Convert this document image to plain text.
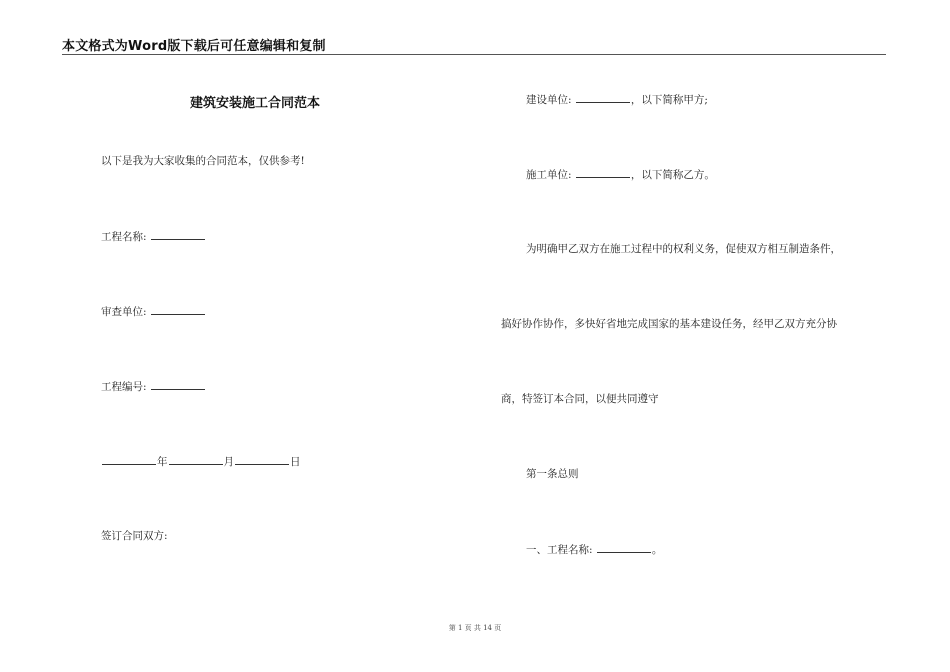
本文格式为Word版下载后可任意编辑和复制
建筑安装施工合同范本
以下是我为大家收集的合同范本，仅供参考!
工程名称:
审查单位:
工程编号:
年	月	日
签订合同双方:
建设单位:	，以下简称甲方;
施工单位:	，以下简称乙方。
为明确甲乙双方在施工过程中的权利义务，促使双方相互制造条件，
搞好协作协作，多快好省地完成国家的基本建设任务，经甲乙双方充分协
商，特签订本合同，以便共同遵守
第一条总则
一、工程名称:	。
第 1 页 共 14 页
